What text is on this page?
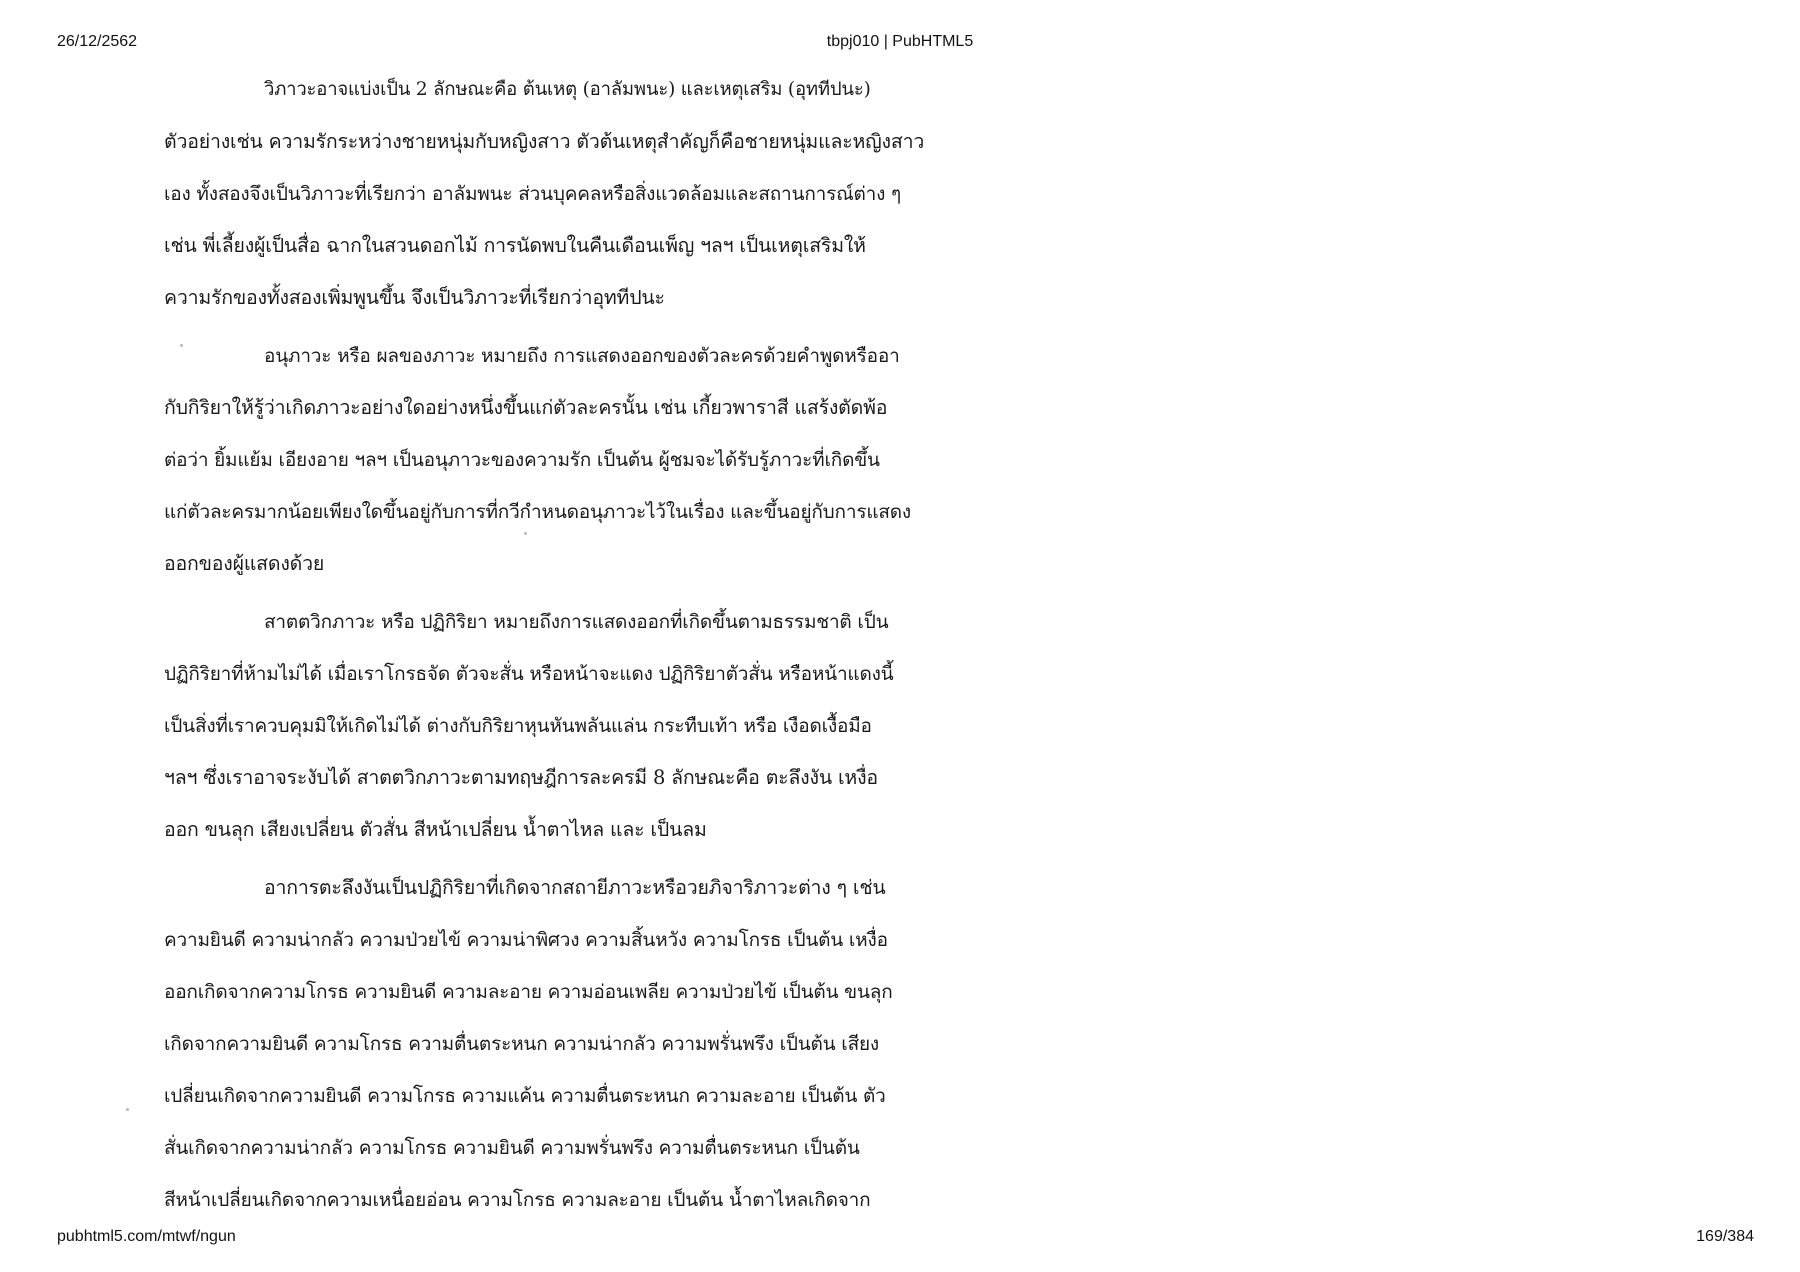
26/12/2562	tbpj010 | PubHTML5
วิภาวะอาจแบ่งเป็น 2 ลักษณะคือ ต้นเหตุ (อาลัมพนะ) และเหตุเสริม (อุททีปนะ)
ตัวอย่างเช่น ความรักระหว่างชายหนุ่มกับหญิงสาว ตัวต้นเหตุสำคัญก็คือชายหนุ่มและหญิงสาว
เอง ทั้งสองจึงเป็นวิภาวะที่เรียกว่า อาลัมพนะ ส่วนบุคคลหรือสิ่งแวดล้อมและสถานการณ์ต่าง ๆ
เช่น พี่เลี้ยงผู้เป็นสื่อ ฉากในสวนดอกไม้ การนัดพบในคืนเดือนเพ็ญ ฯลฯ เป็นเหตุเสริมให้
ความรักของทั้งสองเพิ่มพูนขึ้น จึงเป็นวิภาวะที่เรียกว่าอุททีปนะ
อนุภาวะ หรือ ผลของภาวะ หมายถึง การแสดงออกของตัวละครด้วยคำพูดหรืออา
กับกิริยาให้รู้ว่าเกิดภาวะอย่างใดอย่างหนึ่งขึ้นแก่ตัวละครนั้น เช่น เกี้ยวพาราสี แสร้งตัดพ้อ
ต่อว่า ยิ้มแย้ม เอียงอาย ฯลฯ เป็นอนุภาวะของความรัก เป็นต้น ผู้ชมจะได้รับรู้ภาวะที่เกิดขึ้น
แก่ตัวละครมากน้อยเพียงใดขึ้นอยู่กับการที่กวีกำหนดอนุภาวะไว้ในเรื่อง และขึ้นอยู่กับการแสดง
ออกของผู้แสดงด้วย
สาตตวิกภาวะ หรือ ปฏิกิริยา หมายถึงการแสดงออกที่เกิดขึ้นตามธรรมชาติ เป็น
ปฏิกิริยาที่ห้ามไม่ได้ เมื่อเราโกรธจัด ตัวจะสั่น หรือหน้าจะแดง ปฏิกิริยาตัวสั่น หรือหน้าแดงนี้
เป็นสิ่งที่เราควบคุมมิให้เกิดไม่ได้ ต่างกับกิริยาหุนหันพลันแล่น กระทืบเท้า หรือ เงือดเงื้อมือ
ฯลฯ ซึ่งเราอาจระงับได้ สาตตวิกภาวะตามทฤษฎีการละครมี 8 ลักษณะคือ ตะลึงงัน เหงื่อ
ออก ขนลุก เสียงเปลี่ยน ตัวสั่น สีหน้าเปลี่ยน น้ำตาไหล และ เป็นลม
อาการตะลึงงันเป็นปฏิกิริยาที่เกิดจากสถายีภาวะหรือวยภิจาริภาวะต่าง ๆ เช่น
ความยินดี ความน่ากลัว ความป่วยไข้ ความน่าพิศวง ความสิ้นหวัง ความโกรธ เป็นต้น เหงื่อ
ออกเกิดจากความโกรธ ความยินดี ความละอาย ความอ่อนเพลีย ความป่วยไข้ เป็นต้น ขนลุก
เกิดจากความยินดี ความโกรธ ความตื่นตระหนก ความน่ากลัว ความพรั่นพรึง เป็นต้น เสียง
เปลี่ยนเกิดจากความยินดี ความโกรธ ความแค้น ความตื่นตระหนก ความละอาย เป็นต้น ตัว
สั่นเกิดจากความน่ากลัว ความโกรธ ความยินดี ความพรั่นพรึง ความตื่นตระหนก เป็นต้น
สีหน้าเปลี่ยนเกิดจากความเหนื่อยอ่อน ความโกรธ ความละอาย เป็นต้น น้ำตาไหลเกิดจาก
pubhtml5.com/mtwf/ngun	169/384
